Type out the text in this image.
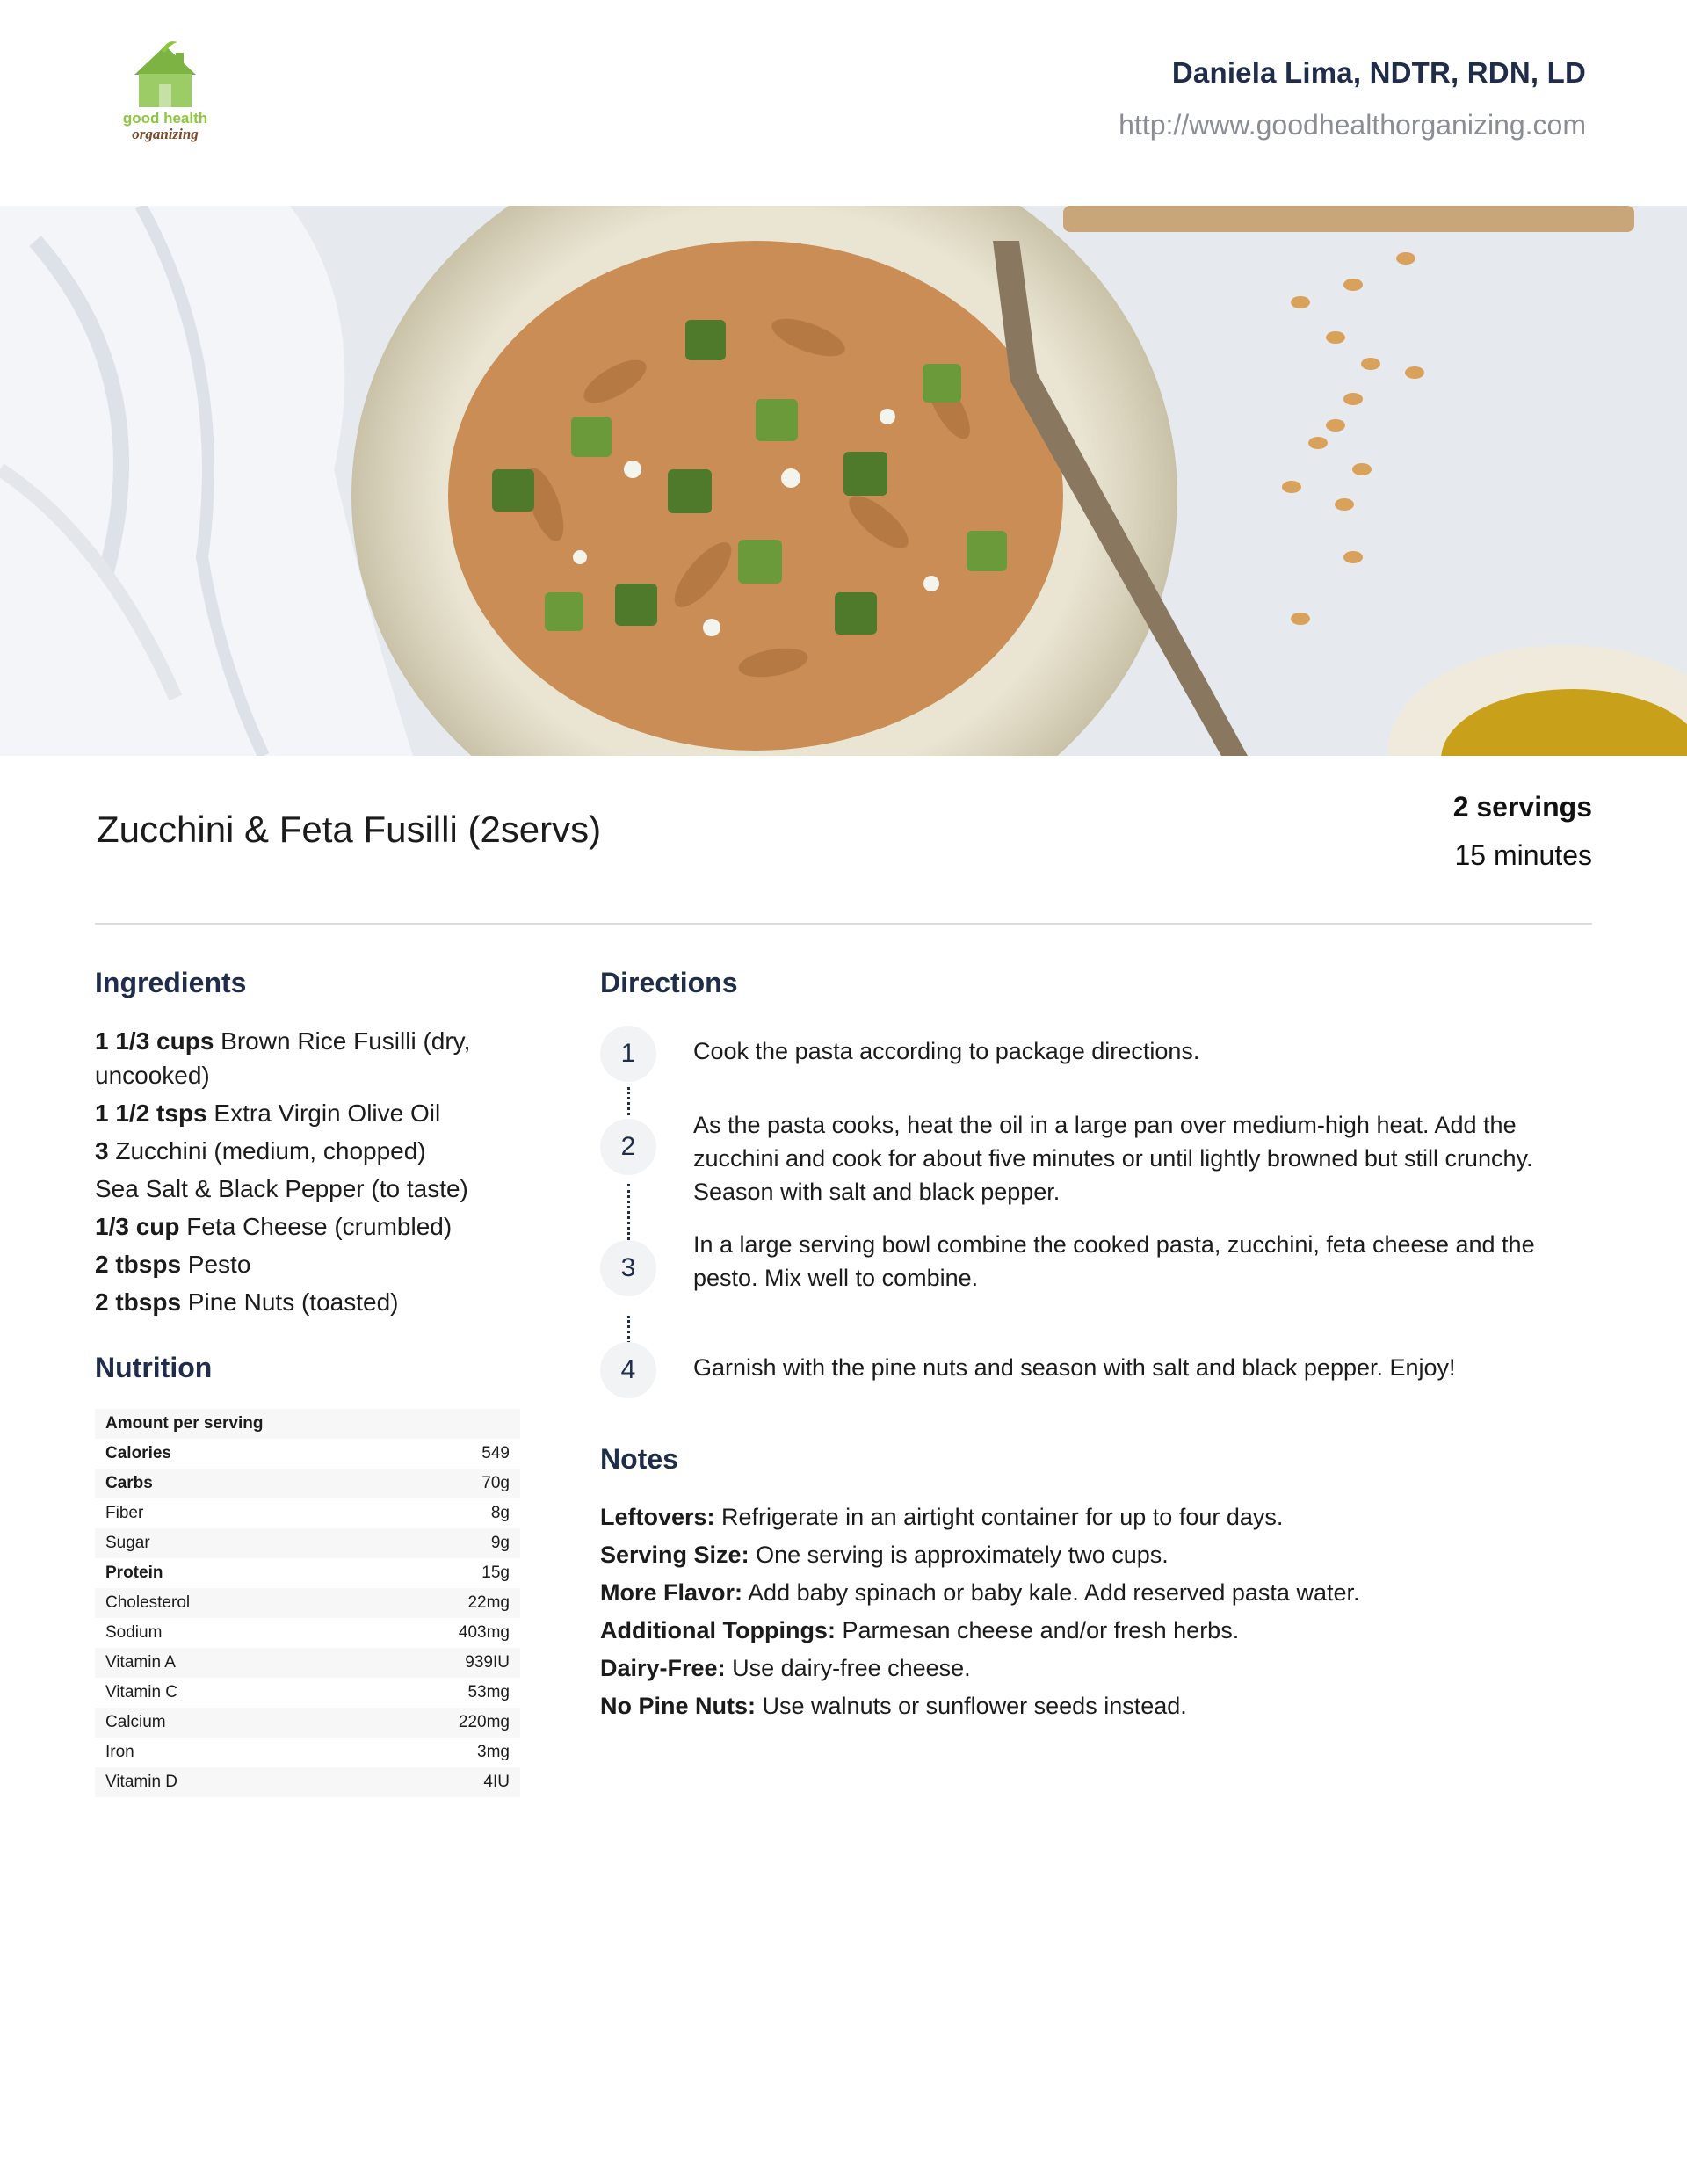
good health
organizing
Daniela Lima, NDTR, RDN, LD
http://www.goodhealthorganizing.com
Zucchini & Feta Fusilli (2servs)
2 servings
15 minutes
Ingredients
1 1/3 cups Brown Rice Fusilli (dry, uncooked)
1 1/2 tsps Extra Virgin Olive Oil
3 Zucchini (medium, chopped)
Sea Salt & Black Pepper (to taste)
1/3 cup Feta Cheese (crumbled)
2 tbsps Pesto
2 tbsps Pine Nuts (toasted)
Nutrition
Amount per serving	
Calories	549
Carbs	70g
Fiber	8g
Sugar	9g
Protein	15g
Cholesterol	22mg
Sodium	403mg
Vitamin A	939IU
Vitamin C	53mg
Calcium	220mg
Iron	3mg
Vitamin D	4IU
Directions
1	Cook the pasta according to package directions.
2
As the pasta cooks, heat the oil in a large pan over medium-high heat. Add the zucchini and cook for about five minutes or until lightly browned but still crunchy. Season with salt and black pepper.
3
In a large serving bowl combine the cooked pasta, zucchini, feta cheese and the pesto. Mix well to combine.
4	Garnish with the pine nuts and season with salt and black pepper. Enjoy!
Notes
Leftovers: Refrigerate in an airtight container for up to four days.
Serving Size: One serving is approximately two cups.
More Flavor: Add baby spinach or baby kale. Add reserved pasta water.
Additional Toppings: Parmesan cheese and/or fresh herbs.
Dairy-Free: Use dairy-free cheese.
No Pine Nuts: Use walnuts or sunflower seeds instead.
